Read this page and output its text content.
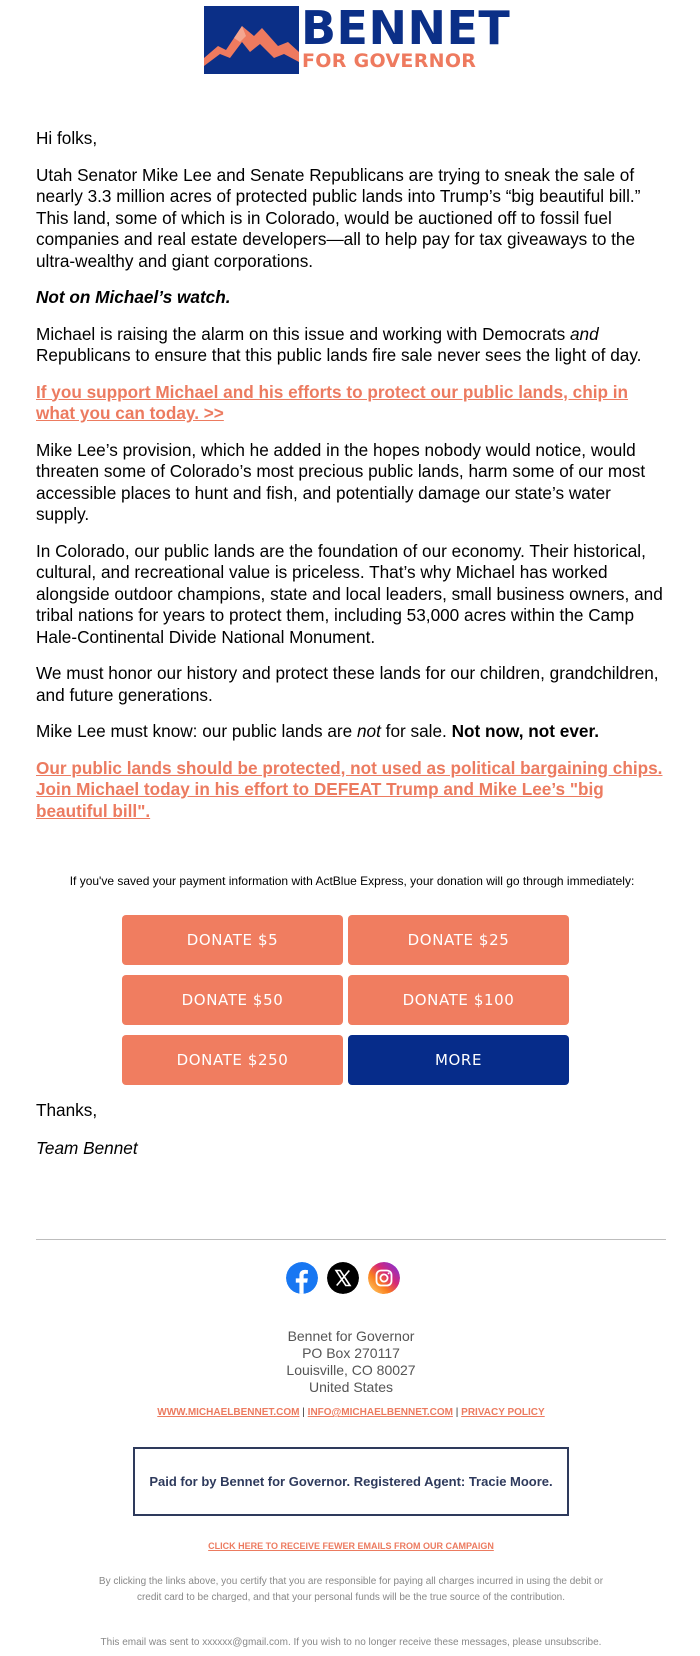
BENNET
FOR GOVERNOR

Hi folks,

Utah Senator Mike Lee and Senate Republicans are trying to sneak the sale of nearly 3.3 million acres of protected public lands into Trump’s “big beautiful bill.” This land, some of which is in Colorado, would be auctioned off to fossil fuel companies and real estate developers—all to help pay for tax giveaways to the ultra-wealthy and giant corporations.

Not on Michael’s watch.

Michael is raising the alarm on this issue and working with Democrats and Republicans to ensure that this public lands fire sale never sees the light of day.

If you support Michael and his efforts to protect our public lands, chip in what you can today. >>

Mike Lee’s provision, which he added in the hopes nobody would notice, would threaten some of Colorado’s most precious public lands, harm some of our most accessible places to hunt and fish, and potentially damage our state’s water supply.

In Colorado, our public lands are the foundation of our economy. Their historical, cultural, and recreational value is priceless. That’s why Michael has worked alongside outdoor champions, state and local leaders, small business owners, and tribal nations for years to protect them, including 53,000 acres within the Camp Hale-Continental Divide National Monument.

We must honor our history and protect these lands for our children, grandchildren, and future generations.

Mike Lee must know: our public lands are not for sale. Not now, not ever.

Our public lands should be protected, not used as political bargaining chips. Join Michael today in his effort to DEFEAT Trump and Mike Lee’s "big beautiful bill".

If you've saved your payment information with ActBlue Express, your donation will go through immediately:
DONATE $5	DONATE $25
DONATE $50	DONATE $100
DONATE $250	MORE
Thanks,
Team Bennet
Bennet for Governor
PO Box 270117
Louisville, CO 80027
United States
WWW.MICHAELBENNET.COM | INFO@MICHAELBENNET.COM | PRIVACY POLICY
Paid for by Bennet for Governor. Registered Agent: Tracie Moore.
CLICK HERE TO RECEIVE FEWER EMAILS FROM OUR CAMPAIGN
By clicking the links above, you certify that you are responsible for paying all charges incurred in using the debit or credit card to be charged, and that your personal funds will be the true source of the contribution.
This email was sent to xxxxxx@gmail.com. If you wish to no longer receive these messages, please unsubscribe.
